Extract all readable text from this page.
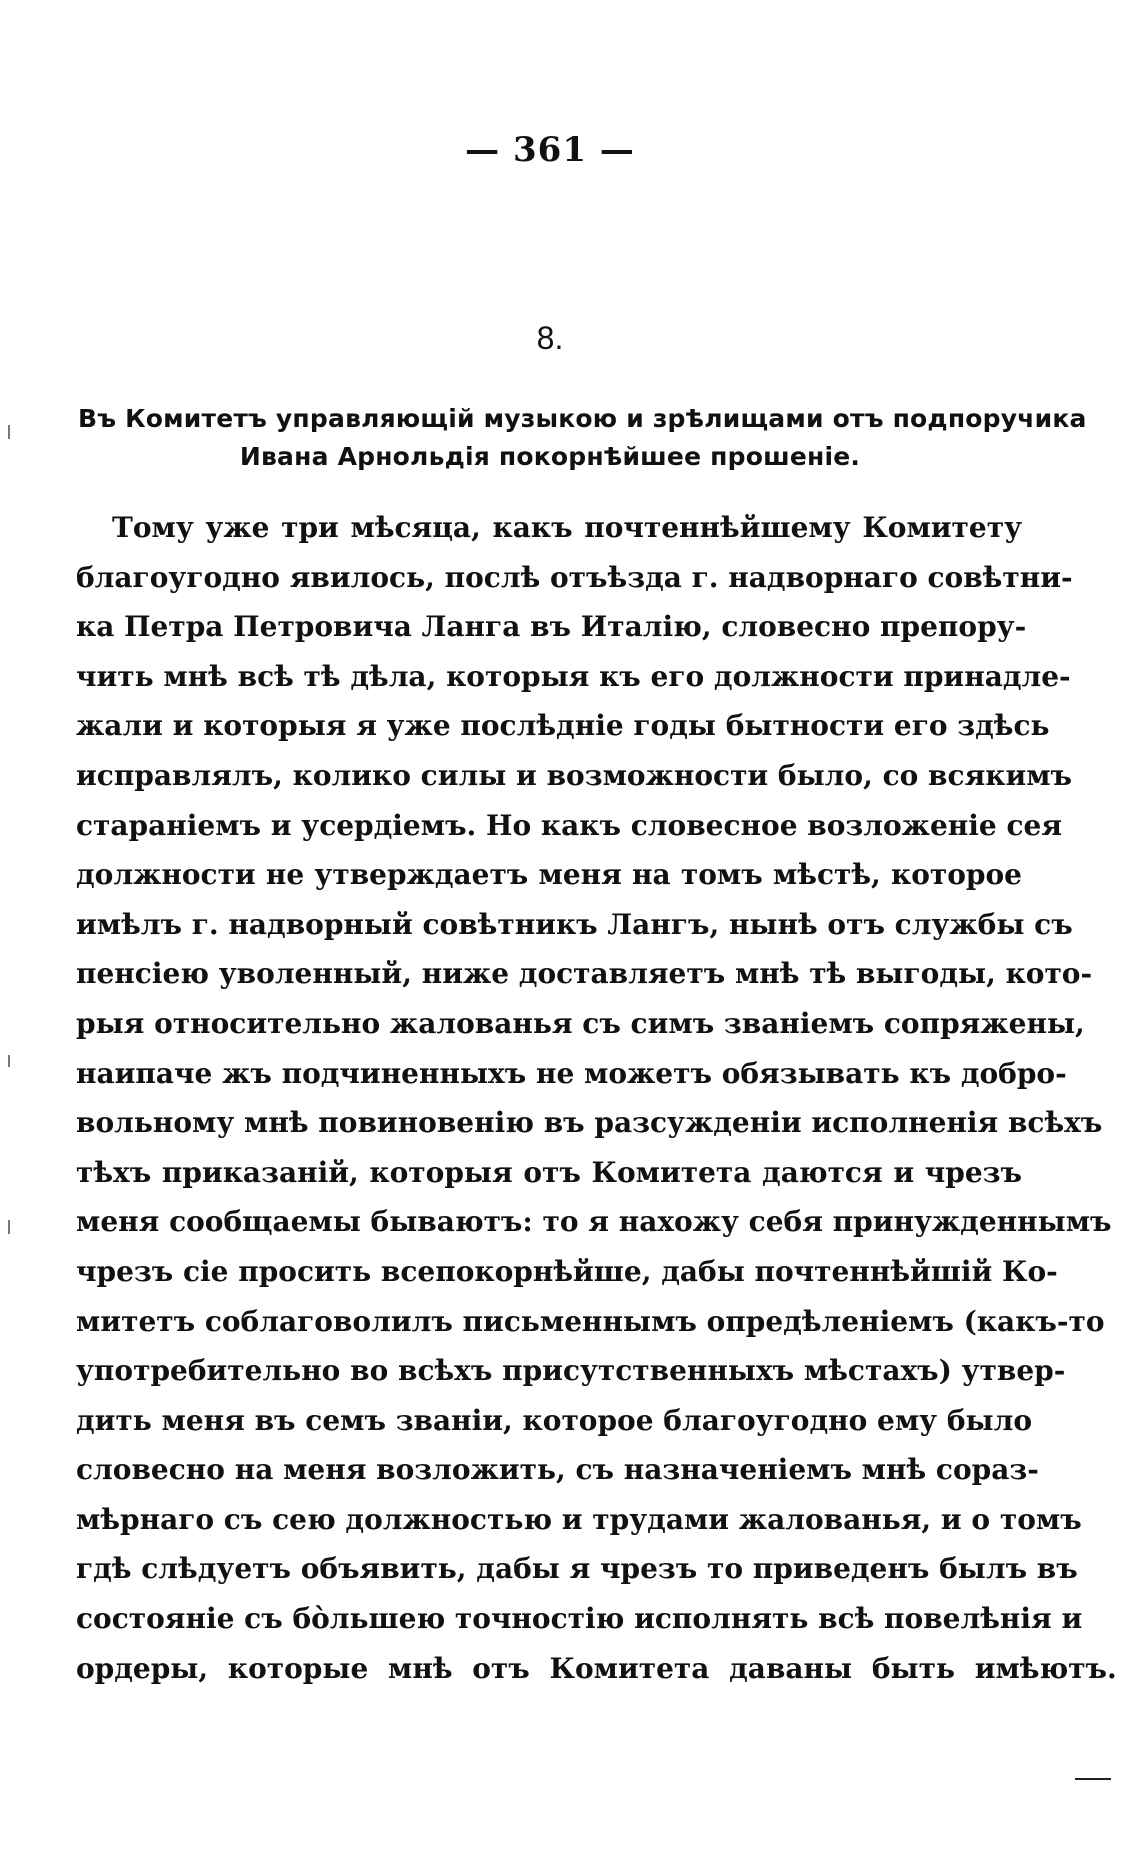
— 361 —
8.
Въ Комитетъ управляющій музыкою и зрѣлищами отъ подпоручика
Ивана Арнольдія покорнѣйшее прошеніе.
Тому уже три мѣсяца, какъ почтеннѣйшему Комитету
благоугодно явилось, послѣ отъѣзда г. надворнаго совѣтни-
ка Петра Петровича Ланга въ Италію, словесно препору-
чить мнѣ всѣ тѣ дѣла, которыя къ его должности принадле-
жали и которыя я уже послѣдніе годы бытности его здѣсь
исправлялъ, колико силы и возможности было, со всякимъ
стараніемъ и усердіемъ. Но какъ словесное возложеніе сея
должности не утверждаетъ меня на томъ мѣстѣ, которое
имѣлъ г. надворный совѣтникъ Лангъ, нынѣ отъ службы съ
пенсіею уволенный, ниже доставляетъ мнѣ тѣ выгоды, кото-
рыя относительно жалованья съ симъ званіемъ сопряжены,
наипаче жъ подчиненныхъ не можетъ обязывать къ добро-
вольному мнѣ повиновенію въ разсужденіи исполненія всѣхъ
тѣхъ приказаній, которыя отъ Комитета даются и чрезъ
меня сообщаемы бываютъ: то я нахожу себя принужденнымъ
чрезъ сіе просить всепокорнѣйше, дабы почтеннѣйшій Ко-
митетъ соблаговолилъ письменнымъ опредѣленіемъ (какъ-то
употребительно во всѣхъ присутственныхъ мѣстахъ) утвер-
дить меня въ семъ званіи, которое благоугодно ему было
словесно на меня возложить, съ назначеніемъ мнѣ сораз-
мѣрнаго съ сею должностью и трудами жалованья, и о томъ
гдѣ слѣдуетъ объявить, дабы я чрезъ то приведенъ былъ въ
состояніе съ бо̀льшею точностію исполнять всѣ повелѣнія и
ордеры, которые мнѣ отъ Комитета даваны быть имѣютъ.
